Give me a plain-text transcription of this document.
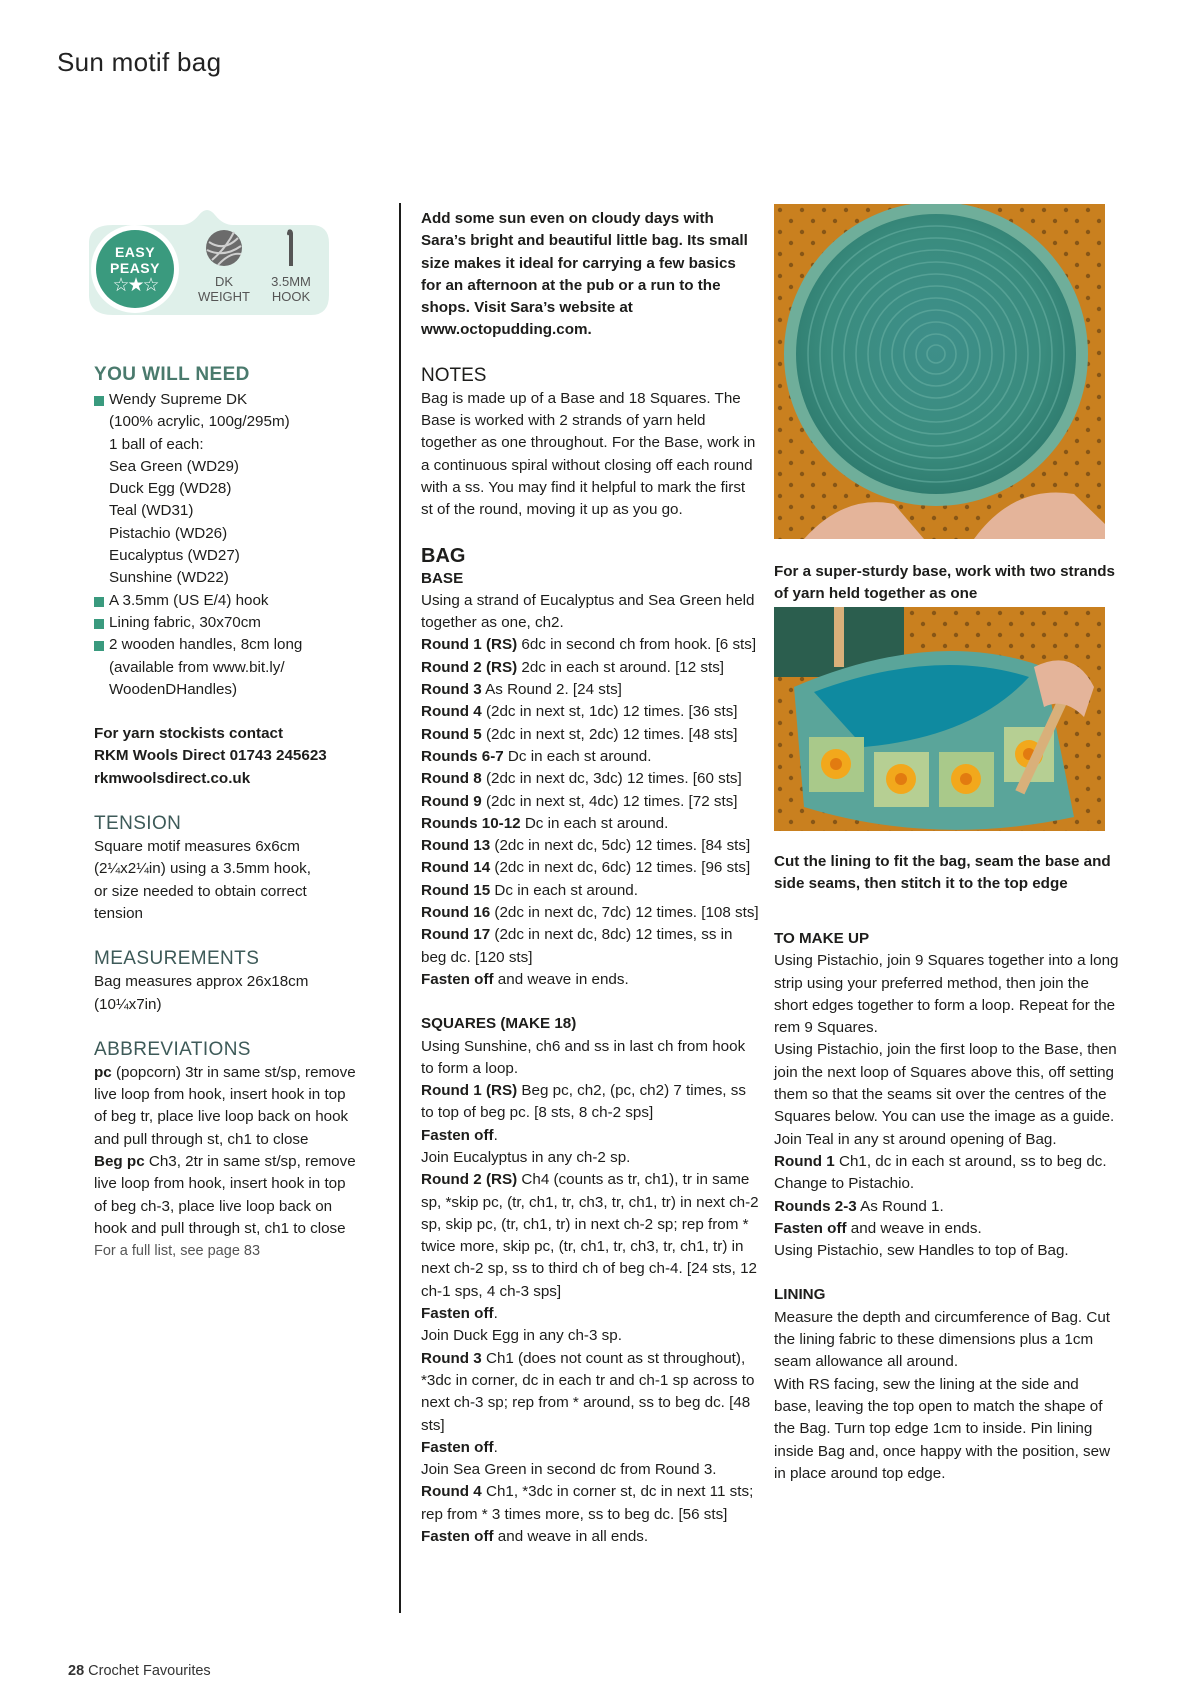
Sun motif bag
EASY
PEASY
☆★☆	DK
WEIGHT
3.5MM
HOOK
YOU WILL NEED
Wendy Supreme DK
(100% acrylic, 100g/295m)
1 ball of each:
Sea Green (WD29)
Duck Egg (WD28)
Teal (WD31)
Pistachio (WD26)
Eucalyptus (WD27)
Sunshine (WD22)
A 3.5mm (US E/4) hook
Lining fabric, 30x70cm
2 wooden handles, 8cm long
(available from www.bit.ly/
WoodenDHandles)

For yarn stockists contact

RKM Wools Direct 01743 245623

rkmwoolsdirect.co.uk

TENSION

Square motif measures 6x6cm

(2¼x2¼in) using a 3.5mm hook,

or size needed to obtain correct

tension

MEASUREMENTS

Bag measures approx 26x18cm

(10¼x7in)

ABBREVIATIONS

pc (popcorn) 3tr in same st/sp, remove live loop from hook, insert hook in top of beg tr, place live loop back on hook and pull through st, ch1 to close

Beg pc Ch3, 2tr in same st/sp, remove live loop from hook, insert hook in top of beg ch-3, place live loop back on hook and pull through st, ch1 to close

For a full list, see page 83

Add some sun even on cloudy days with Sara’s bright and beautiful little bag. Its small size makes it ideal for carrying a few basics for an afternoon at the pub or a run to the shops. Visit Sara’s website at www.octopudding.com.

NOTES

Bag is made up of a Base and 18 Squares. The Base is worked with 2 strands of yarn held together as one throughout. For the Base, work in a continuous spiral without closing off each round with a ss. You may find it helpful to mark the first st of the round, moving it up as you go.

BAG
BASE

Using a strand of Eucalyptus and Sea Green held together as one, ch2.

Round 1 (RS) 6dc in second ch from hook. [6 sts]

Round 2 (RS) 2dc in each st around. [12 sts]

Round 3 As Round 2. [24 sts]

Round 4 (2dc in next st, 1dc) 12 times. [36 sts]

Round 5 (2dc in next st, 2dc) 12 times. [48 sts]

Rounds 6-7 Dc in each st around.

Round 8 (2dc in next dc, 3dc) 12 times. [60 sts]

Round 9 (2dc in next st, 4dc) 12 times. [72 sts]

Rounds 10-12 Dc in each st around.

Round 13 (2dc in next dc, 5dc) 12 times. [84 sts]

Round 14 (2dc in next dc, 6dc) 12 times. [96 sts]

Round 15 Dc in each st around.

Round 16 (2dc in next dc, 7dc) 12 times. [108 sts]

Round 17 (2dc in next dc, 8dc) 12 times, ss in beg dc. [120 sts]

Fasten off and weave in ends.

SQUARES (MAKE 18)

Using Sunshine, ch6 and ss in last ch from hook to form a loop.

Round 1 (RS) Beg pc, ch2, (pc, ch2) 7 times, ss to top of beg pc. [8 sts, 8 ch-2 sps]

Fasten off.

Join Eucalyptus in any ch-2 sp.

Round 2 (RS) Ch4 (counts as tr, ch1), tr in same sp, *skip pc, (tr, ch1, tr, ch3, tr, ch1, tr) in next ch-2 sp, skip pc, (tr, ch1, tr) in next ch-2 sp; rep from * twice more, skip pc, (tr, ch1, tr, ch3, tr, ch1, tr) in next ch-2 sp, ss to third ch of beg ch-4. [24 sts, 12 ch-1 sps, 4 ch-3 sps]

Fasten off.

Join Duck Egg in any ch-3 sp.

Round 3 Ch1 (does not count as st throughout), *3dc in corner, dc in each tr and ch-1 sp across to next ch-3 sp; rep from * around, ss to beg dc. [48 sts]

Fasten off.

Join Sea Green in second dc from Round 3.

Round 4 Ch1, *3dc in corner st, dc in next 11 sts; rep from * 3 times more, ss to beg dc. [56 sts]

Fasten off and weave in all ends.

For a super-sturdy base, work with two strands of yarn held together as one

Cut the lining to fit the bag, seam the base and side seams, then stitch it to the top edge

TO MAKE UP

Using Pistachio, join 9 Squares together into a long strip using your preferred method, then join the short edges together to form a loop. Repeat for the rem 9 Squares.

Using Pistachio, join the first loop to the Base, then join the next loop of Squares above this, off setting them so that the seams sit over the centres of the Squares below. You can use the image as a guide.

Join Teal in any st around opening of Bag.

Round 1 Ch1, dc in each st around, ss to beg dc. Change to Pistachio.

Rounds 2-3 As Round 1.

Fasten off and weave in ends.

Using Pistachio, sew Handles to top of Bag.

LINING

Measure the depth and circumference of Bag. Cut the lining fabric to these dimensions plus a 1cm seam allowance all around.

With RS facing, sew the lining at the side and base, leaving the top open to match the shape of the Bag. Turn top edge 1cm to inside. Pin lining inside Bag and, once happy with the position, sew in place around top edge.

28 Crochet Favourites
